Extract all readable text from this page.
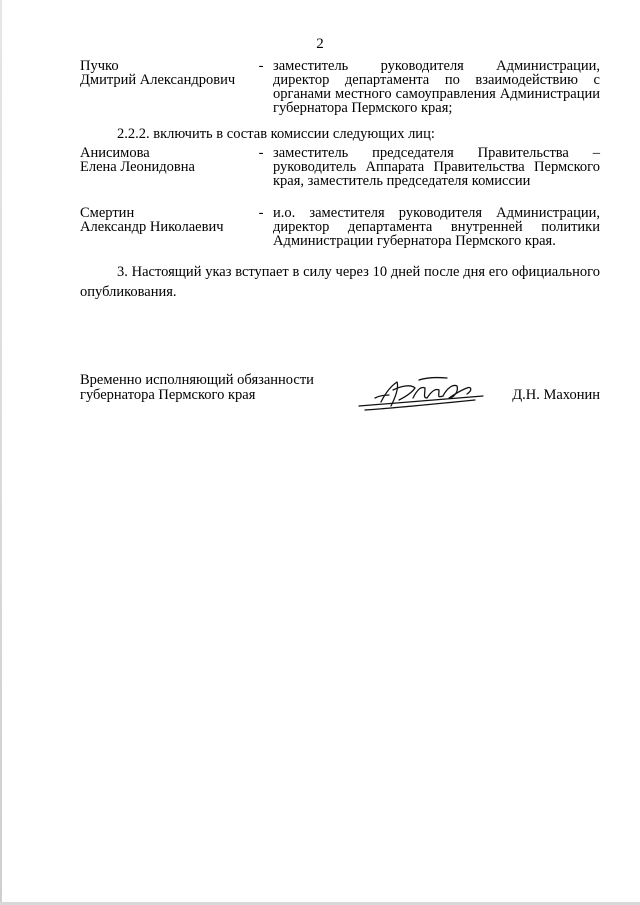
2
Пучко
Дмитрий Александрович
- заместитель руководителя Администрации, директор департамента по взаимодействию с органами местного самоуправления Администрации губернатора Пермского края;
2.2.2. включить в состав комиссии следующих лиц:
Анисимова
Елена Леонидовна
- заместитель председателя Правительства – руководитель Аппарата Правительства Пермского края, заместитель председателя комиссии
Смертин
Александр Николаевич
- и.о. заместителя руководителя Администрации, директор департамента внутренней политики Администрации губернатора Пермского края.
3. Настоящий указ вступает в силу через 10 дней после дня его официального опубликования.
Временно исполняющий обязанности
губернатора Пермского края	Д.Н. Махонин
